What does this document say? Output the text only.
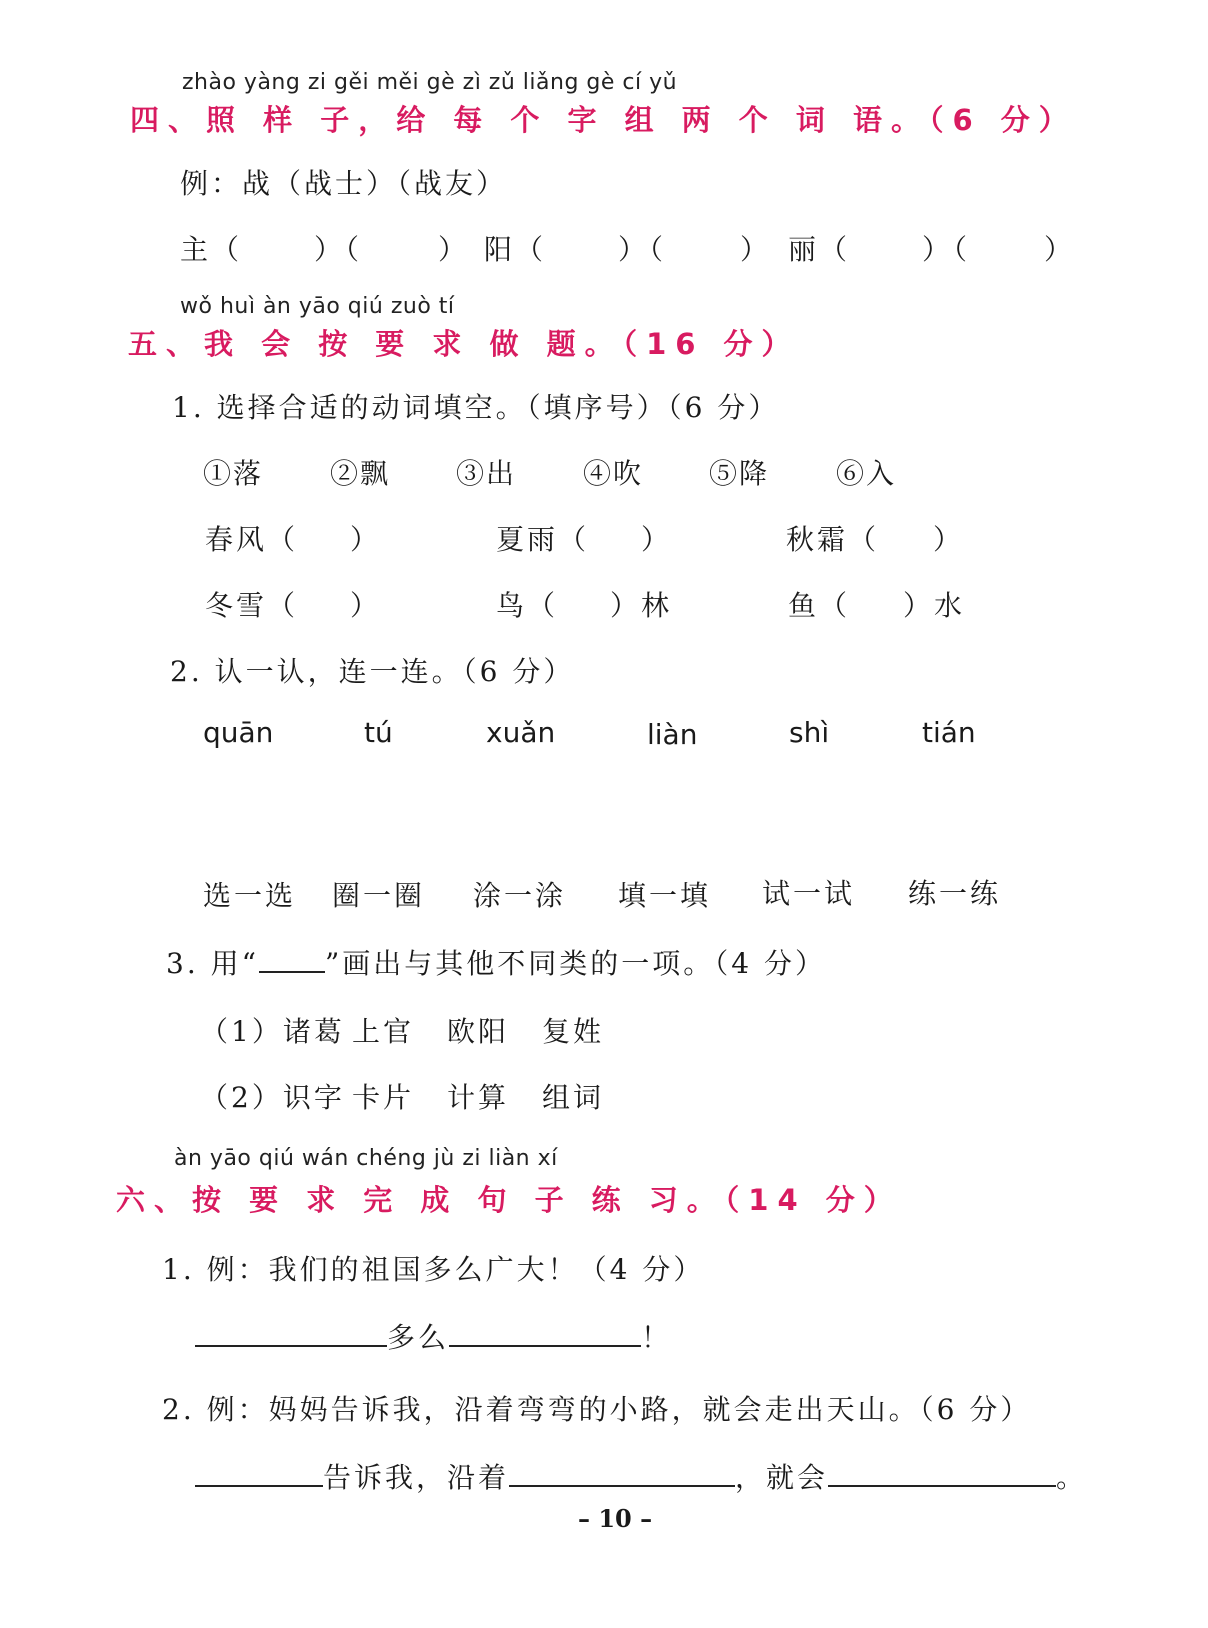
zhào yàng zi gěi měi gè zì zǔ liǎng gè cí yǔ
四、照 样 子，给 每 个 字 组 两 个 词 语。（6 分）
例：战（战士）（战友）
主（	）（	） 阳（	）（	） 丽（	）（	）
wǒ huì àn yāo qiú zuò tí
五、我 会 按 要 求 做 题。（16 分）
1. 选择合适的动词填空。（填序号）（6 分）
①落 ②飘 ③出 ④吹 ⑤降 ⑥入
春风（ ）	夏雨（ ）	秋霜（ ）
冬雪（ ）	鸟（ ）林	鱼（ ）水
2. 认一认，连一连。（6 分）
quān	tú	xuǎn	liàn	shì	tián
选一选 圈一圈 涂一涂 填一填 试一试 练一练
3. 用“ ”画出与其他不同类的一项。（4 分）
（1）诸葛 上官 欧阳 复姓
（2）识字 卡片 计算 组词
àn yāo qiú wán chéng jù zi liàn xí
六、按 要 求 完 成 句 子 练 习。（14 分）
1. 例：我们的祖国多么广大！（4 分）
多么	！
2. 例：妈妈告诉我，沿着弯弯的小路，就会走出天山。（6 分）
告诉我，沿着	，就会	。
– 10 –
